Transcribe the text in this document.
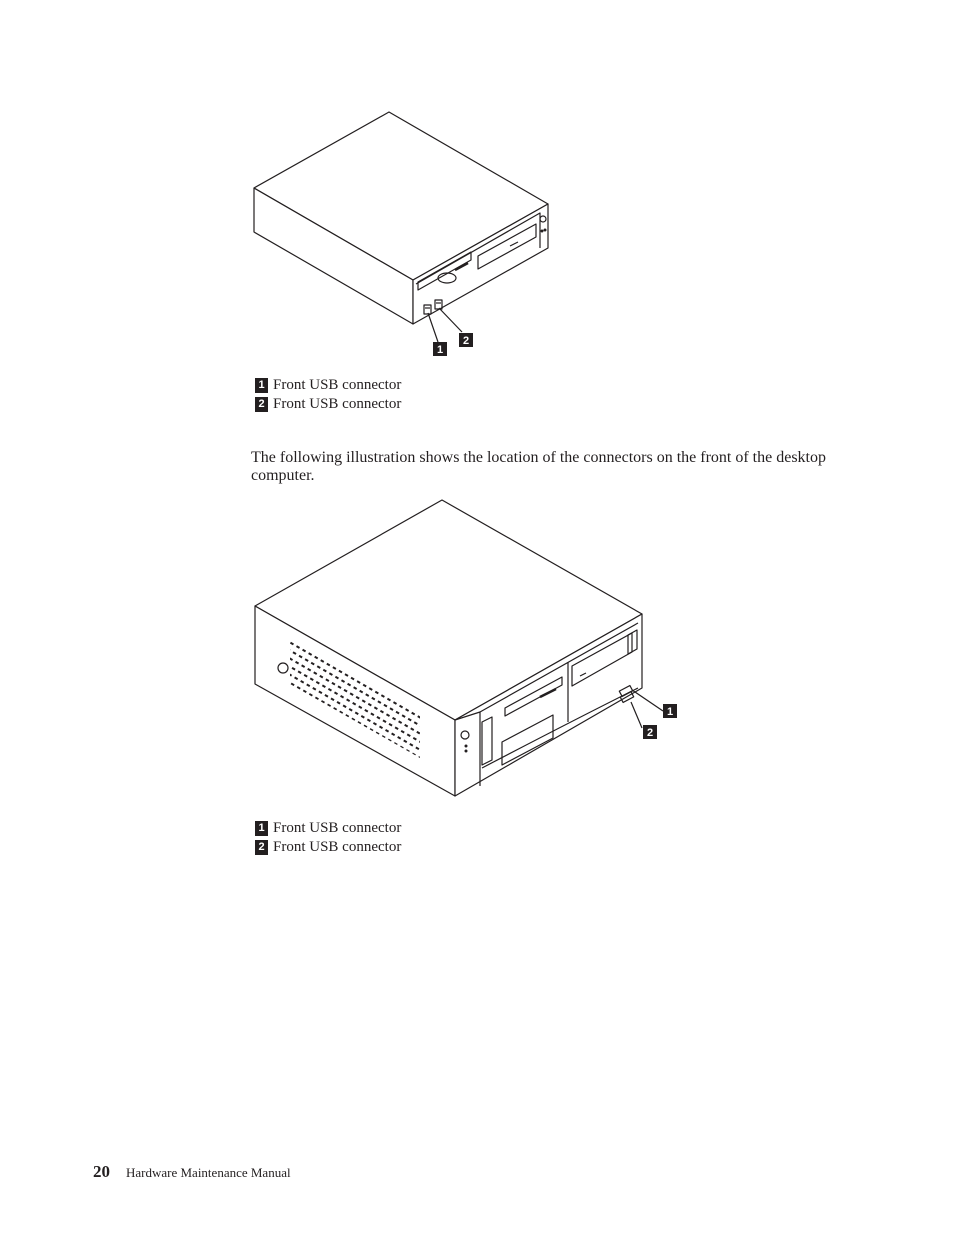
1
2
1 Front USB connector
2 Front USB connector
The following illustration shows the location of the connectors on the front of the desktop computer.
1
2
1 Front USB connector
2 Front USB connector
20 Hardware Maintenance Manual
